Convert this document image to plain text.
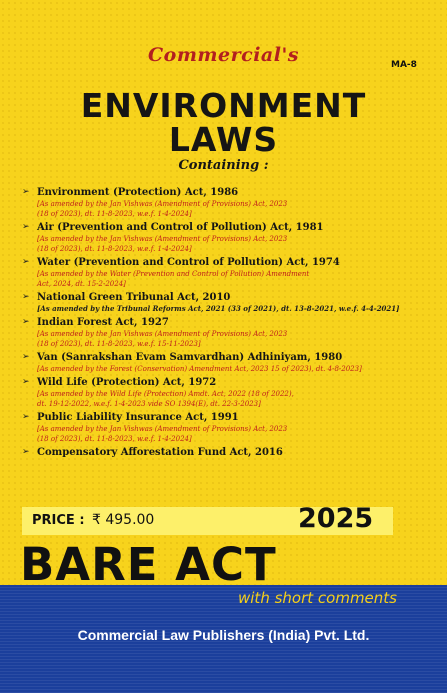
Commercial's	MA-8
ENVIRONMENT
LAWS
Containing :
➢ Environment (Protection) Act, 1986
[As amended by the Jan Vishwas (Amendment of Provisions) Act, 2023
(18 of 2023), dt. 11-8-2023, w.e.f. 1-4-2024]
➢ Air (Prevention and Control of Pollution) Act, 1981
[As amended by the Jan Vishwas (Amendment of Provisions) Act, 2023
(18 of 2023), dt. 11-8-2023, w.e.f. 1-4-2024]
➢ Water (Prevention and Control of Pollution) Act, 1974
[As amended by the Water (Prevention and Control of Pollution) Amendment
Act, 2024, dt. 15-2-2024]
➢ National Green Tribunal Act, 2010
[As amended by the Tribunal Reforms Act, 2021 (33 of 2021), dt. 13-8-2021, w.e.f. 4-4-2021]
➢ Indian Forest Act, 1927
[As amended by the Jan Vishwas (Amendment of Provisions) Act, 2023
(18 of 2023), dt. 11-8-2023, w.e.f. 15-11-2023]
➢ Van (Sanrakshan Evam Samvardhan) Adhiniyam, 1980
[As amended by the Forest (Conservation) Amendment Act, 2023 15 of 2023), dt. 4-8-2023]
➢ Wild Life (Protection) Act, 1972
[As amended by the Wild Life (Protection) Amdt. Act, 2022 (18 of 2022),
dt. 19-12-2022, w.e.f. 1-4-2023 vide SO 1394(E), dt. 22-3-2023]
➢ Public Liability Insurance Act, 1991
[As amended by the Jan Vishwas (Amendment of Provisions) Act, 2023
(18 of 2023), dt. 11-8-2023, w.e.f. 1-4-2024]
➢ Compensatory Afforestation Fund Act, 2016
PRICE : ₹ 495.00	2025
BARE ACT
with short comments
Commercial Law Publishers (India) Pvt. Ltd.
